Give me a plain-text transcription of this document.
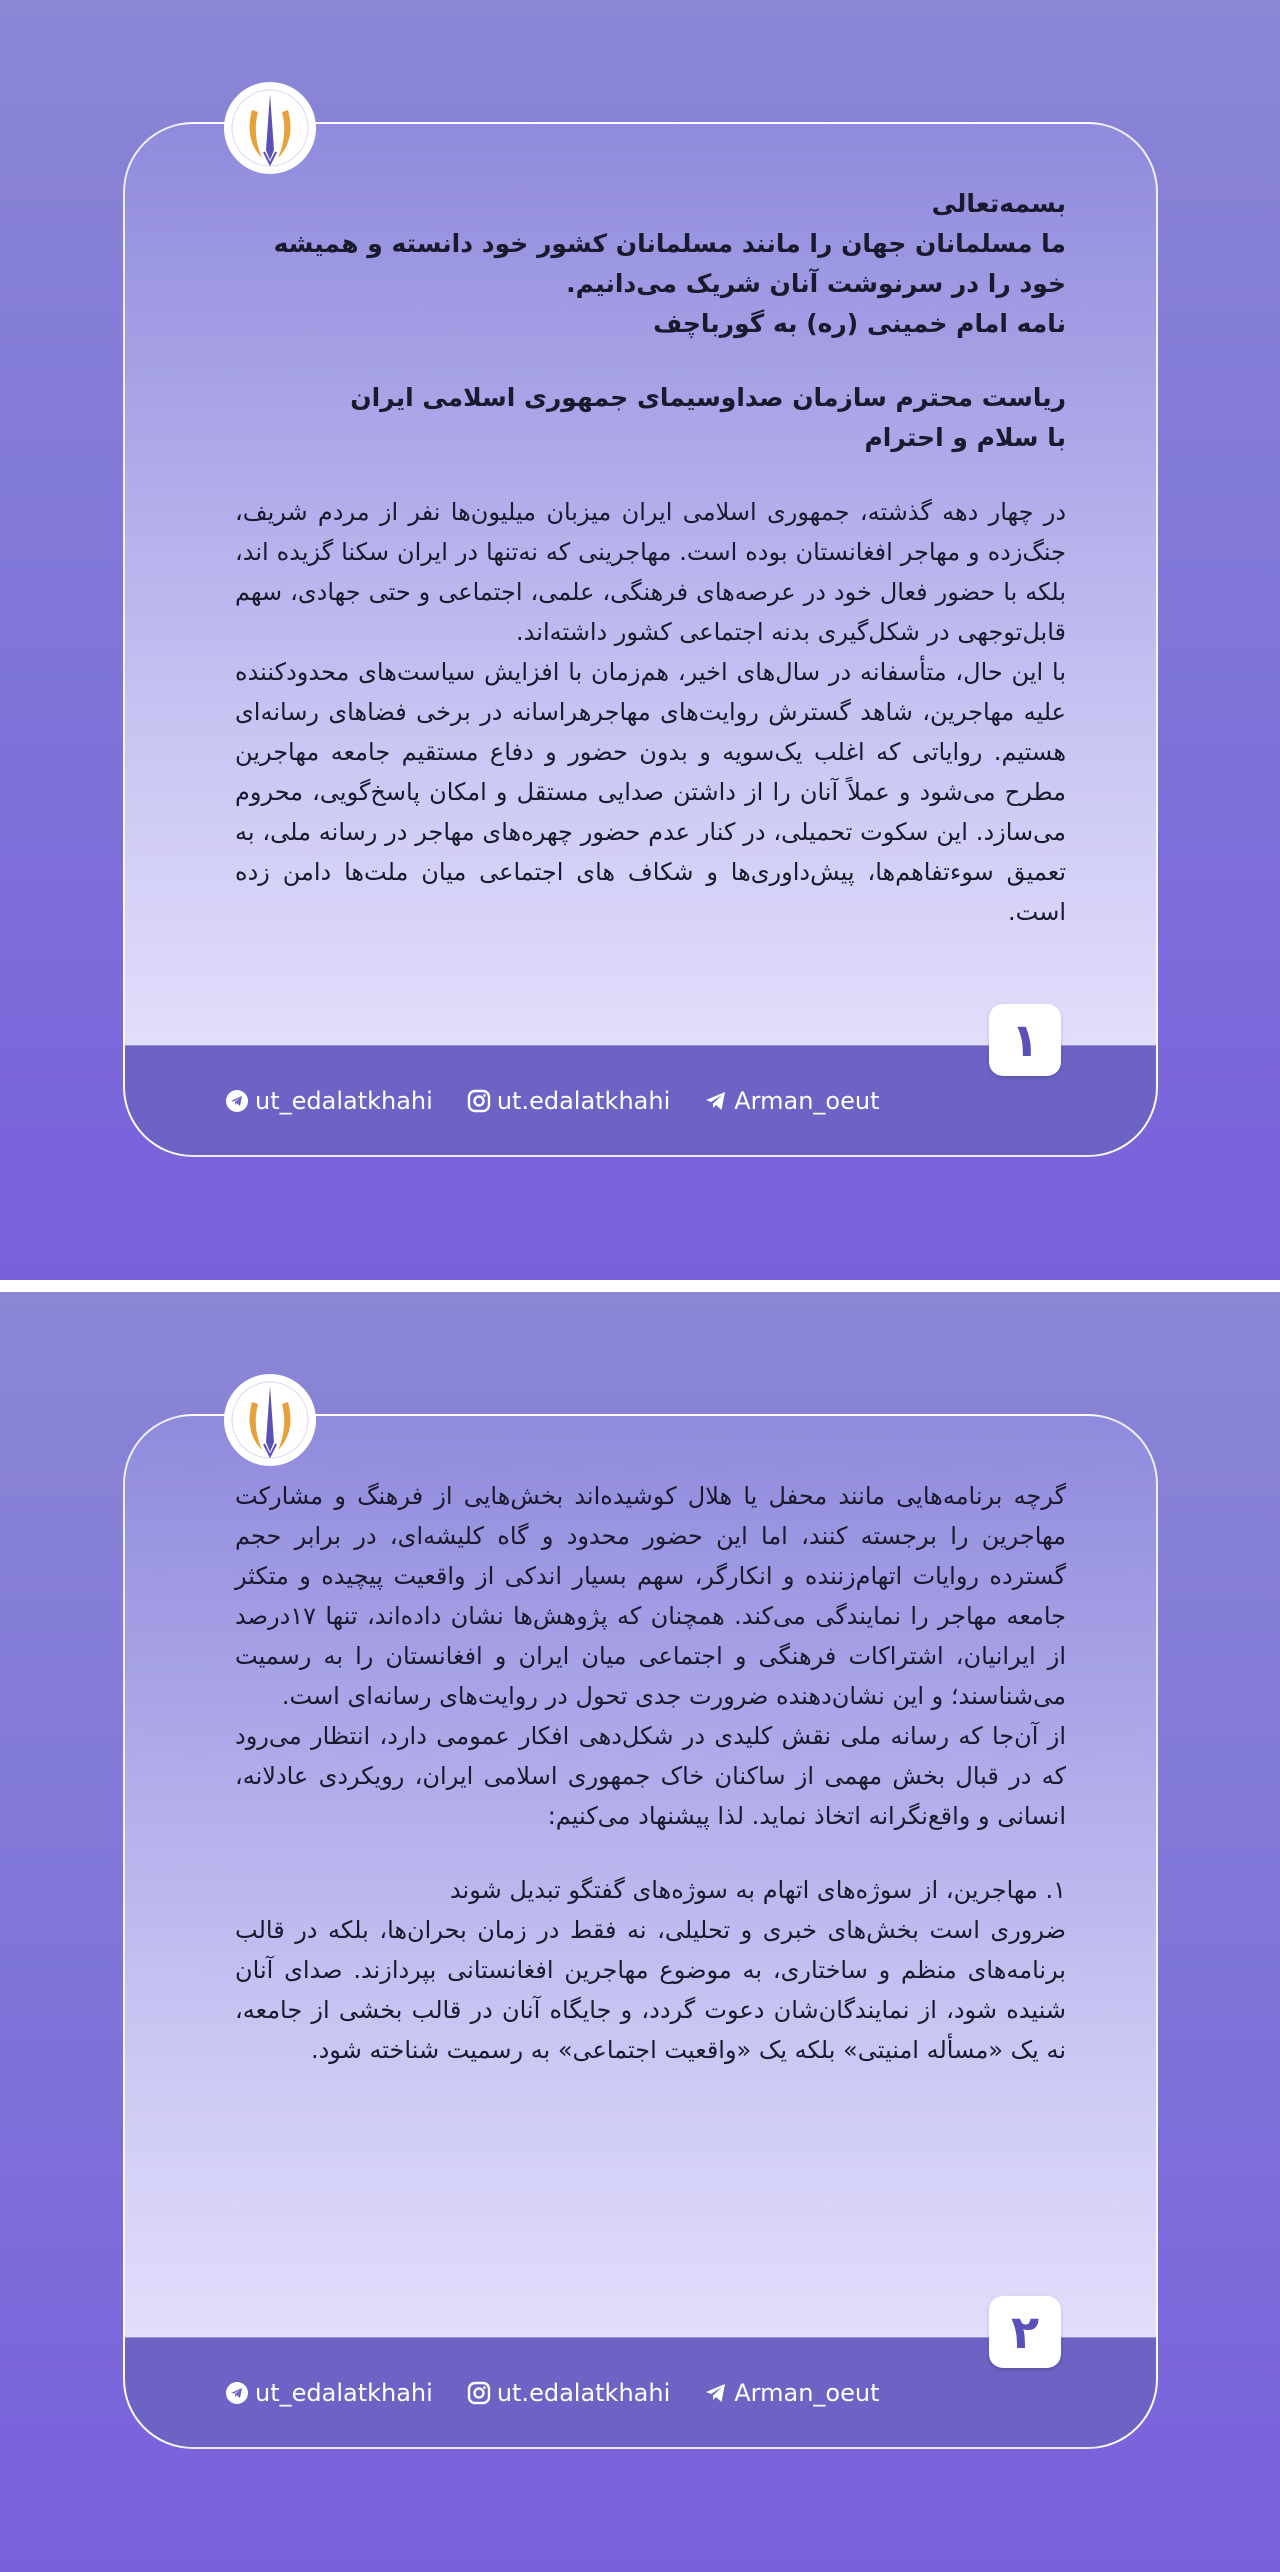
بسمه‌تعالی
ما مسلمانان جهان را مانند مسلمانان کشور خود دانسته و همیشه خود را در سرنوشت آنان شریک می‌دانیم.
نامه امام خمینی (ره) به گورباچف
ریاست محترم سازمان صداوسیمای جمهوری اسلامی ایران
با سلام و احترام

در چهار دهه گذشته، جمهوری اسلامی ایران میزبان میلیون‌ها نفر از مردم شریف، جنگ‌زده و مهاجر افغانستان بوده است. مهاجرینی که نه‌تنها در ایران سکنا گزیده اند، بلکه با حضور فعال خود در عرصه‌های فرهنگی، علمی، اجتماعی و حتی جهادی، سهم قابل‌توجهی در شکل‌گیری بدنه اجتماعی کشور داشته‌اند.

با این حال، متأسفانه در سال‌های اخیر، هم‌زمان با افزایش سیاست‌های محدودکننده علیه مهاجرین، شاهد گسترش روایت‌های مهاجرهراسانه در برخی فضاهای رسانه‌ای هستیم. روایاتی که اغلب یک‌سویه و بدون حضور و دفاع مستقیم جامعه مهاجرین مطرح می‌شود و عملاً آنان را از داشتن صدایی مستقل و امکان پاسخ‌گویی، محروم می‌سازد. این سکوت تحمیلی، در کنار عدم حضور چهره‌های مهاجر در رسانه ملی، به تعمیق سوءتفاهم‌ها، پیش‌داوری‌ها و شکاف های اجتماعی میان ملت‌ها دامن زده است.

۱
ut_edalatkhahi	ut.edalatkhahi	Arman_oeut

گرچه برنامه‌هایی مانند محفل یا هلال کوشیده‌اند بخش‌هایی از فرهنگ و مشارکت مهاجرین را برجسته کنند، اما این حضور محدود و گاه کلیشه‌ای، در برابر حجم گسترده روایات اتهام‌زننده و انکارگر، سهم بسیار اندکی از واقعیت پیچیده و متکثر جامعه مهاجر را نمایندگی می‌کند. همچنان که پژوهش‌ها نشان داده‌اند، تنها ۱۷درصد از ایرانیان، اشتراکات فرهنگی و اجتماعی میان ایران و افغانستان را به رسمیت می‌شناسند؛ و این نشان‌دهنده ضرورت جدی تحول در روایت‌های رسانه‌ای است.

از آن‌جا که رسانه ملی نقش کلیدی در شکل‌دهی افکار عمومی دارد، انتظار می‌رود که در قبال بخش مهمی از ساکنان خاک جمهوری اسلامی ایران، رویکردی عادلانه، انسانی و واقع‌نگرانه اتخاذ نماید. لذا پیشنهاد می‌کنیم:

۱. مهاجرین، از سوژه‌های اتهام به سوژه‌های گفتگو تبدیل شوند

ضروری است بخش‌های خبری و تحلیلی، نه فقط در زمان بحران‌ها، بلکه در قالب برنامه‌های منظم و ساختاری، به موضوع مهاجرین افغانستانی بپردازند. صدای آنان شنیده شود، از نمایندگان‌شان دعوت گردد، و جایگاه آنان در قالب بخشی از جامعه، نه یک «مسأله امنیتی» بلکه یک «واقعیت اجتماعی» به رسمیت شناخته شود.

۲
ut_edalatkhahi	ut.edalatkhahi	Arman_oeut
